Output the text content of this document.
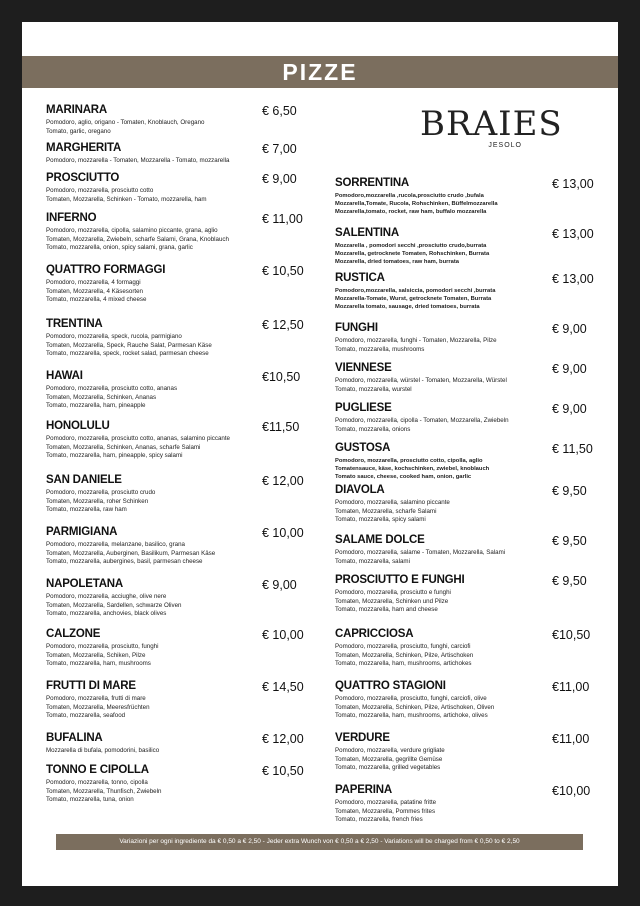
PIZZE
BRAIES
JESOLO
MARINARA	€ 6,50
Pomodoro, aglio, origano - Tomaten, Knoblauch, Oregano
Tomato, garlic, oregano
MARGHERITA	€ 7,00
Pomodoro, mozzarella - Tomaten, Mozzarella - Tomato, mozzarella
PROSCIUTTO	€ 9,00
Pomodoro, mozzarella, prosciutto cotto
Tomaten, Mozzarella, Schinken - Tomato, mozzarella, ham
INFERNO	€ 11,00
Pomodoro, mozzarella, cipolla, salamino piccante, grana, aglio
Tomaten, Mozzarella, Zwiebeln, scharfe Salami, Grana, Knoblauch
Tomato, mozzarella, onion, spicy salami, grana, garlic
QUATTRO FORMAGGI	€ 10,50
Pomodoro, mozzarella, 4 formaggi
Tomaten, Mozzarella, 4 Käsesorten
Tomato, mozzarella, 4 mixed cheese
TRENTINA	€ 12,50
Pomodoro, mozzarella, speck, rucola, parmigiano
Tomaten, Mozzarella, Speck, Rauche Salat, Parmesan Käse
Tomato, mozzarella, speck, rocket salad, parmesan cheese
HAWAI	€10,50
Pomodoro, mozzarella, prosciutto cotto, ananas
Tomaten, Mozzarella, Schinken, Ananas
Tomato, mozzarella, ham, pineapple
HONOLULU	€11,50
Pomodoro, mozzarella, prosciutto cotto, ananas, salamino piccante
Tomaten, Mozzarella, Schinken, Ananas, scharfe Salami
Tomato, mozzarella, ham, pineapple, spicy salami
SAN DANIELE	€ 12,00
Pomodoro, mozzarella, prosciutto crudo
Tomaten, Mozzarella, roher Schinken
Tomato, mozzarella, raw ham
PARMIGIANA	€ 10,00
Pomodoro, mozzarella, melanzane, basilico, grana
Tomaten, Mozzarella, Auberginen, Basilikum, Parmesan Käse
Tomato, mozzarella, aubergines, basil, parmesan cheese
NAPOLETANA	€ 9,00
Pomodoro, mozzarella, acciughe, olive nere
Tomaten, Mozzarella, Sardellen, schwarze Oliven
Tomato, mozzarella, anchovies, black olives
CALZONE	€ 10,00
Pomodoro, mozzarella, prosciutto, funghi
Tomaten, Mozzarella, Schiken, Pilze
Tomato, mozzarella, ham, mushrooms
FRUTTI DI MARE	€ 14,50
Pomodoro, mozzarella, frutti di mare
Tomaten, Mozzarella, Meeresfrüchten
Tomato, mozzarella, seafood
BUFALINA	€ 12,00
Mozzarella di bufala, pomodorini, basilico
TONNO E CIPOLLA	€ 10,50
Pomodoro, mozzarella, tonno, cipolla
Tomaten, Mozzarella, Thunfisch, Zwiebeln
Tomato, mozzarella, tuna, onion
SORRENTINA	€ 13,00
Pomodoro,mozzarella ,rucola,prosciutto crudo ,bufala
Mozzarella,Tomate, Rucola, Rohschinken, Büffelmozzarella
Mozzarella,tomato, rocket, raw ham, buffalo mozzarella
SALENTINA	€ 13,00
Mozzarella , pomodori secchi ,prosciutto crudo,burrata
Mozzarella, getrocknete Tomaten, Rohschinken, Burrata
Mozzarella, dried tomatoes, raw ham, burrata
RUSTICA	€ 13,00
Pomodoro,mozzarella, salsiccia, pomodori secchi ,burrata
Mozzarella-Tomate, Wurst, getrocknete Tomaten, Burrata
Mozzarella tomato, sausage, dried tomatoes, burrata
FUNGHI	€ 9,00
Pomodoro, mozzarella, funghi - Tomaten, Mozzarella, Pilze
Tomato, mozzarella, mushrooms
VIENNESE	€ 9,00
Pomodoro, mozzarella, würstel - Tomaten, Mozzarella, Würstel
Tomato, mozzarella, wurstel
PUGLIESE	€ 9,00
Pomodoro, mozzarella, cipolla - Tomaten, Mozzarella, Zwiebeln
Tomato, mozzarella, onions
GUSTOSA	€ 11,50
Pomodoro, mozzarella, prosciutto cotto, cipolla, aglio
Tomatensauce, käse, kochschinken, zwiebel, knoblauch
Tomato sauce, cheese, cooked ham, onion, garlic
DIAVOLA	€ 9,50
Pomodoro, mozzarella, salamino piccante
Tomaten, Mozzarella, scharfe Salami
Tomato, mozzarella, spicy salami
SALAME DOLCE	€ 9,50
Pomodoro, mozzarella, salame - Tomaten, Mozzarella, Salami
Tomato, mozzarella, salami
PROSCIUTTO E FUNGHI	€ 9,50
Pomodoro, mozzarella, prosciutto e funghi
Tomaten, Mozzarella, Schinken und Pilze
Tomato, mozzarella, ham and cheese
CAPRICCIOSA	€10,50
Pomodoro, mozzarella, prosciutto, funghi, carciofi
Tomaten, Mozzarella, Schinken, Pilze, Artischoken
Tomato, mozzarella, ham, mushrooms, artichokes
QUATTRO STAGIONI	€11,00
Pomodoro, mozzarella, prosciutto, funghi, carciofi, olive
Tomaten, Mozzarella, Schinken, Pilze, Artischoken, Oliven
Tomato, mozzarella, ham, mushrooms, artichoke, olives
VERDURE	€11,00
Pomodoro, mozzarella, verdure grigliate
Tomaten, Mozzarella, gegrillte Gemüse
Tomato, mozzarella, grilled vegetables
PAPERINA	€10,00
Pomodoro, mozzarella, patatine fritte
Tomaten, Mozzarella, Pommes frites
Tomato, mozzarella, french fries
Variazioni per ogni ingrediente da € 0,50 a € 2,50 - Jeder extra Wunch von € 0,50 a € 2,50 - Variations will be charged from € 0,50 to € 2,50
